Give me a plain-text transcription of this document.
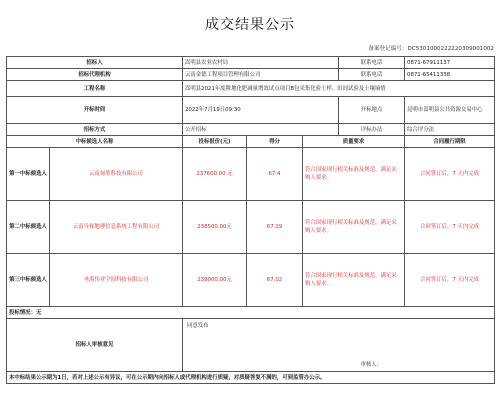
成交结果公示
备案登记编号：DC5301000222220309001002
招标人		嵩明县农业农村局			联系电话	0871-67911137
招标代理机构		云南金德工程项目管理有限公司			联系电话	0871-65411338
工程名称		嵩明县2021年度耕地化肥减量增效试点项目B包采集化验土样、田间试验及土壤墒情				
开标时间		2022年7月19日09:30			开标地点	昆明市嵩明县公共资源交易中心
招标方式		公开招标			评标办法	综合评分法
中标候选人名称		投标报价(元)	得分	质量要求		合同履行期限
第一中标候选人	云南甸胜科技有限公司	237600.00 元	67.4	符合国家现行相关标准及规范，满足采购人要求。		合同签订后，7 天内完成
第二中标候选人	云南导视地理信息系统工程有限公司	238500.00元	67.29	符合国家现行相关标准及规范，满足采购人要求。		合同签订后，7 天内完成
第三中标候选人	圣禹伟业空间科技有限公司	239000.00元	67.02	符合国家现行相关标准及规范，满足采购人要求。		合同签订后，7 天内完成
投标情况：无						
招标人审核意见		同意发布
审核人：				

本中标结果公示期为1日，若对上述公示有异议，可在公示期内向招标人或代理机构进行质疑，对质疑答复不满的，可到监管办公示。						
